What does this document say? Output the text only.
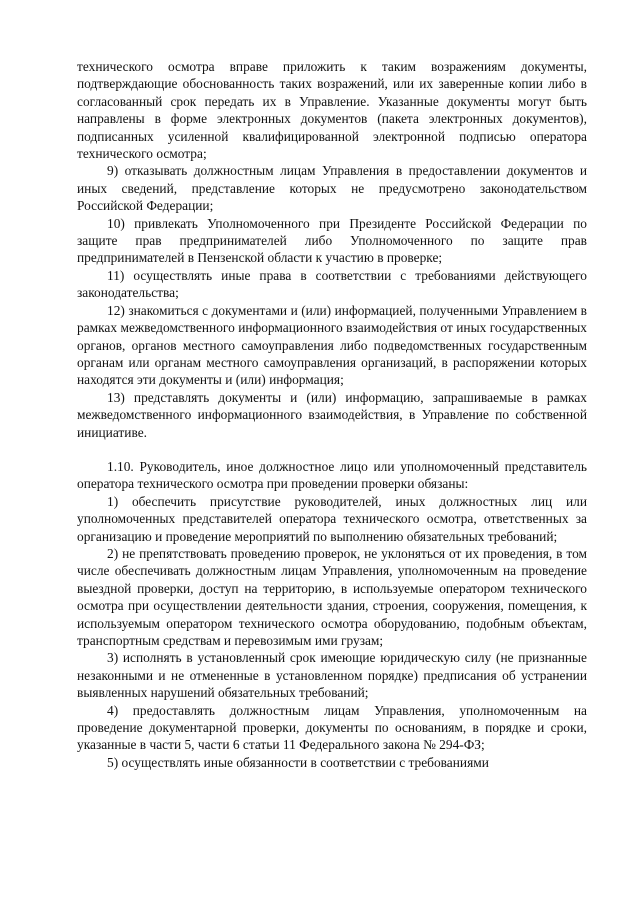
технического осмотра вправе приложить к таким возражениям документы, подтверждающие обоснованность таких возражений, или их заверенные копии либо в согласованный срок передать их в Управление. Указанные документы могут быть направлены в форме электронных документов (пакета электронных документов), подписанных усиленной квалифицированной электронной подписью оператора технического осмотра;

9) отказывать должностным лицам Управления в предоставлении документов и иных сведений, представление которых не предусмотрено законодательством Российской Федерации;

10) привлекать Уполномоченного при Президенте Российской Федерации по защите прав предпринимателей либо Уполномоченного по защите прав предпринимателей в Пензенской области к участию в проверке;

11) осуществлять иные права в соответствии с требованиями действующего законодательства;

12) знакомиться с документами и (или) информацией, полученными Управлением в рамках межведомственного информационного взаимодействия от иных государственных органов, органов местного самоуправления либо подведомственных государственным органам или органам местного самоуправления организаций, в распоряжении которых находятся эти документы и (или) информация;

13) представлять документы и (или) информацию, запрашиваемые в рамках межведомственного информационного взаимодействия, в Управление по собственной инициативе.

1.10. Руководитель, иное должностное лицо или уполномоченный представитель оператора технического осмотра при проведении проверки обязаны:

1) обеспечить присутствие руководителей, иных должностных лиц или уполномоченных представителей оператора технического осмотра, ответственных за организацию и проведение мероприятий по выполнению обязательных требований;

2) не препятствовать проведению проверок, не уклоняться от их проведения, в том числе обеспечивать должностным лицам Управления, уполномоченным на проведение выездной проверки, доступ на территорию, в используемые оператором технического осмотра при осуществлении деятельности здания, строения, сооружения, помещения, к используемым оператором технического осмотра оборудованию, подобным объектам, транспортным средствам и перевозимым ими грузам;

3) исполнять в установленный срок имеющие юридическую силу (не признанные незаконными и не отмененные в установленном порядке) предписания об устранении выявленных нарушений обязательных требований;

4) предоставлять должностным лицам Управления, уполномоченным на проведение документарной проверки, документы по основаниям, в порядке и сроки, указанные в части 5, части 6 статьи 11 Федерального закона № 294-ФЗ;

5) осуществлять иные обязанности в соответствии с требованиями
